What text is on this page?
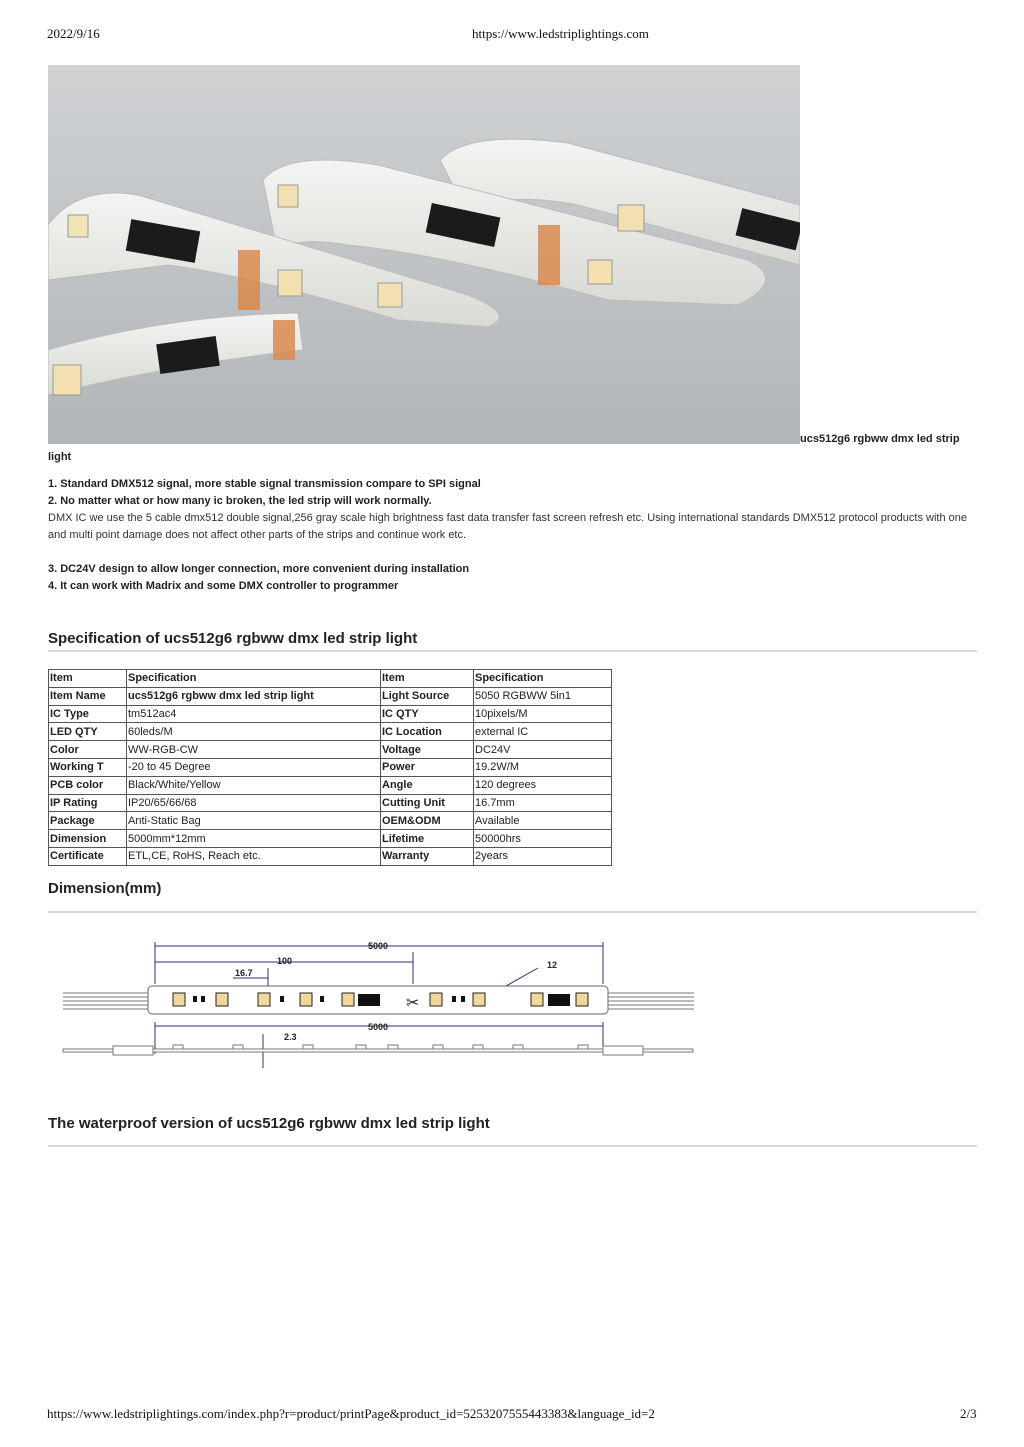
2022/9/16	https://www.ledstriplightings.com
ucs512g6 rgbww dmx led strip
light
1. Standard DMX512 signal, more stable signal transmission compare to SPI signal
2. No matter what or how many ic broken, the led strip will work normally.
DMX IC we use the 5 cable dmx512 double signal,256 gray scale high brightness fast data transfer fast screen refresh etc. Using international standards DMX512 protocol products with one and multi point damage does not affect other parts of the strips and continue work etc.
3. DC24V design to allow longer connection, more convenient during installation
4. It can work with Madrix and some DMX controller to programmer
Specification of ucs512g6 rgbww dmx led strip light
Item	Specification	Item	Specification
Item Name	ucs512g6 rgbww dmx led strip light	Light Source	5050 RGBWW 5in1
IC Type	tm512ac4	IC QTY	10pixels/M
LED QTY	60leds/M	IC Location	external IC
Color	WW-RGB-CW	Voltage	DC24V
Working T	-20 to 45 Degree	Power	19.2W/M
PCB color	Black/White/Yellow	Angle	120 degrees
IP Rating	IP20/65/66/68	Cutting Unit	16.7mm
Package	Anti-Static Bag	OEM&ODM	Available
Dimension	5000mm*12mm	Lifetime	50000hrs
Certificate	ETL,CE, RoHS, Reach etc.	Warranty	2years
Dimension(mm)
✂
5000
100
16.7
12
5000
2.3
The waterproof version of ucs512g6 rgbww dmx led strip light
https://www.ledstriplightings.com/index.php?r=product/printPage&product_id=5253207555443383&language_id=2	2/3
